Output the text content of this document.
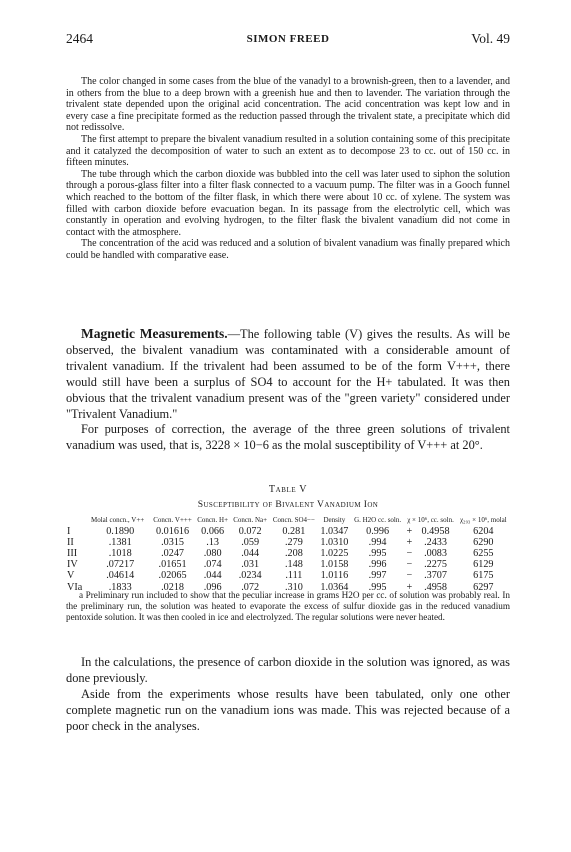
2464	SIMON FREED	Vol. 49

The color changed in some cases from the blue of the vanadyl to a brownish-green, then to a lavender, and in others from the blue to a deep brown with a greenish hue and then to lavender. The variation through the trivalent state depended upon the original acid concentration. The acid concentration was kept low and in every case a fine precipitate formed as the reduction passed through the trivalent state, a precipitate which did not redissolve.

The first attempt to prepare the bivalent vanadium resulted in a solution containing some of this precipitate and it catalyzed the decomposition of water to such an extent as to decompose 23 to cc. out of 150 cc. in fifteen minutes.

The tube through which the carbon dioxide was bubbled into the cell was later used to siphon the solution through a porous-glass filter into a filter flask connected to a vacuum pump. The filter was in a Gooch funnel which reached to the bottom of the filter flask, in which there were about 10 cc. of xylene. The system was filled with carbon dioxide before evacuation began. In its passage from the electrolytic cell, which was constantly in operation and evolving hydrogen, to the filter flask the bivalent vanadium did not come in contact with the atmosphere.

The concentration of the acid was reduced and a solution of bivalent vanadium was finally prepared which could be handled with comparative ease.

Magnetic Measurements.—The following table (V) gives the results. As will be observed, the bivalent vanadium was contaminated with a considerable amount of trivalent vanadium. If the trivalent had been assumed to be of the form V+++, there would still have been a surplus of SO4 to account for the H+ tabulated. It was then obvious that the trivalent vanadium present was of the "green variety" considered under "Trivalent Vanadium."

For purposes of correction, the average of the three green solutions of trivalent vanadium was used, that is, 3228 × 10−6 as the molal susceptibility of V+++ at 20°.

Table V
Susceptibility of Bivalent Vanadium Ion
	Molal concn., V++	Concn. V+++	Concn. H+	Concn. Na+	Concn. SO4−−	Density	G. H2O cc. soln.	χ × 10⁶, cc. soln.		χ₂₉₃ × 10⁶, molal
I	0.1890	0.01616	0.066	0.072	0.281	1.0347	0.996	+	0.4958	6204
II	.1381	.0315	.13	.059	.279	1.0310	.994	+	.2433	6290
III	.1018	.0247	.080	.044	.208	1.0225	.995	−	.0083	6255
IV	.07217	.01651	.074	.031	.148	1.0158	.996	−	.2275	6129
V	.04614	.02065	.044	.0234	.111	1.0116	.997	−	.3707	6175
VIa	.1833	.0218	.096	.072	.310	1.0364	.995	+	.4958	6297

a Preliminary run included to show that the peculiar increase in grams H2O per cc. of solution was probably real. In the preliminary run, the solution was heated to evaporate the excess of sulfur dioxide gas in the reduced vanadium pentoxide solution. It was then cooled in ice and electrolyzed. The regular solutions were never heated.

In the calculations, the presence of carbon dioxide in the solution was ignored, as was done previously.

Aside from the experiments whose results have been tabulated, only one other complete magnetic run on the vanadium ions was made. This was rejected because of a poor check in the analyses.
